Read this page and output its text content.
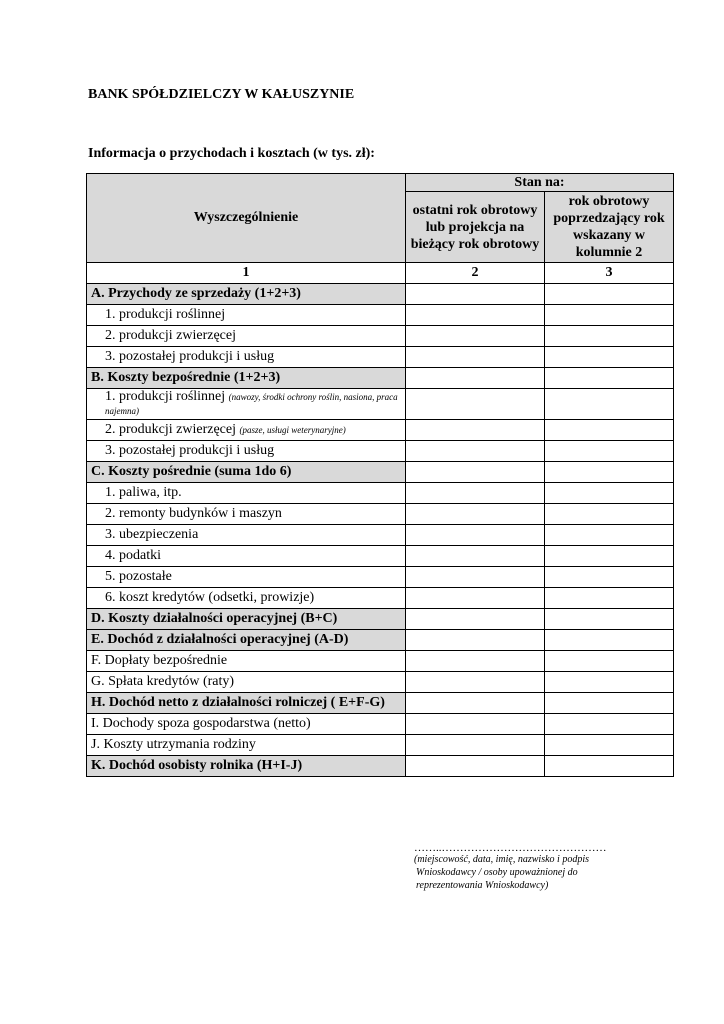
BANK SPÓŁDZIELCZY W KAŁUSZYNIE
Informacja o przychodach i kosztach (w tys. zł):
Wyszczególnienie	Stan na:	
	ostatni rok obrotowy lub projekcja na bieżący rok obrotowy	rok obrotowy poprzedzający rok wskazany w kolumnie 2
1	2	3
A. Przychody ze sprzedaży (1+2+3)		
1. produkcji roślinnej		
2. produkcji zwierzęcej		
3. pozostałej produkcji i usług		
B. Koszty bezpośrednie (1+2+3)		
1. produkcji roślinnej (nawozy, środki ochrony roślin, nasiona, praca najemna)		
2. produkcji zwierzęcej (pasze, usługi weterynaryjne)		
3. pozostałej produkcji i usług		
C. Koszty pośrednie (suma 1do 6)		
1. paliwa, itp.		
2. remonty budynków i maszyn		
3. ubezpieczenia		
4. podatki		
5. pozostałe		
6. koszt kredytów (odsetki, prowizje)		
D. Koszty działalności operacyjnej (B+C)		
E. Dochód z działalności operacyjnej (A-D)		
F. Dopłaty bezpośrednie		
G. Spłata kredytów (raty)		
H. Dochód netto z działalności rolniczej ( E+F-G)		
I. Dochody spoza gospodarstwa (netto)		
J. Koszty utrzymania rodziny		
K. Dochód osobisty rolnika (H+I-J)		
……..………………………………………
(miejscowość, data, imię, nazwisko i podpis
Wnioskodawcy / osoby upoważnionej do
reprezentowania Wnioskodawcy)
